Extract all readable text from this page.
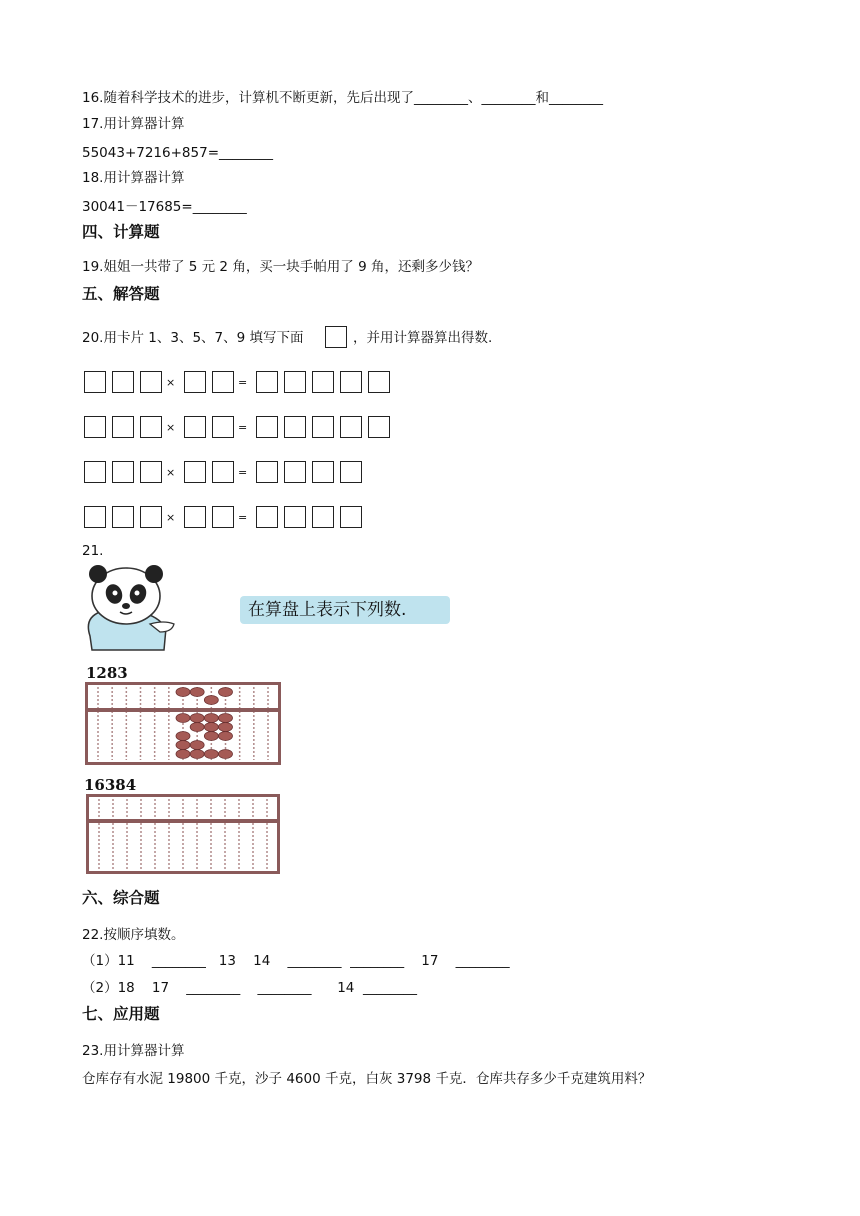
16.随着科学技术的进步，计算机不断更新，先后出现了________、________和________
17.用计算器计算
55043+7216+857=________
18.用计算器计算
30041－17685=________
四、计算题
19.姐姐一共带了 5 元 2 角，买一块手帕用了 9 角，还剩多少钱？
五、解答题
20.用卡片 1、3、5、7、9 填写下面	，并用计算器算出得数.
×	=
×	=
×	=
×	=
21.
在算盘上表示下列数.
1283
16384
六、综合题
22.按顺序填数。
（1）11    ________   13    14    ________  ________    17    ________
（2）18    17    ________    ________      14  ________
七、应用题
23.用计算器计算
仓库存有水泥 19800 千克，沙子 4600 千克，白灰 3798 千克．仓库共存多少千克建筑用料？
